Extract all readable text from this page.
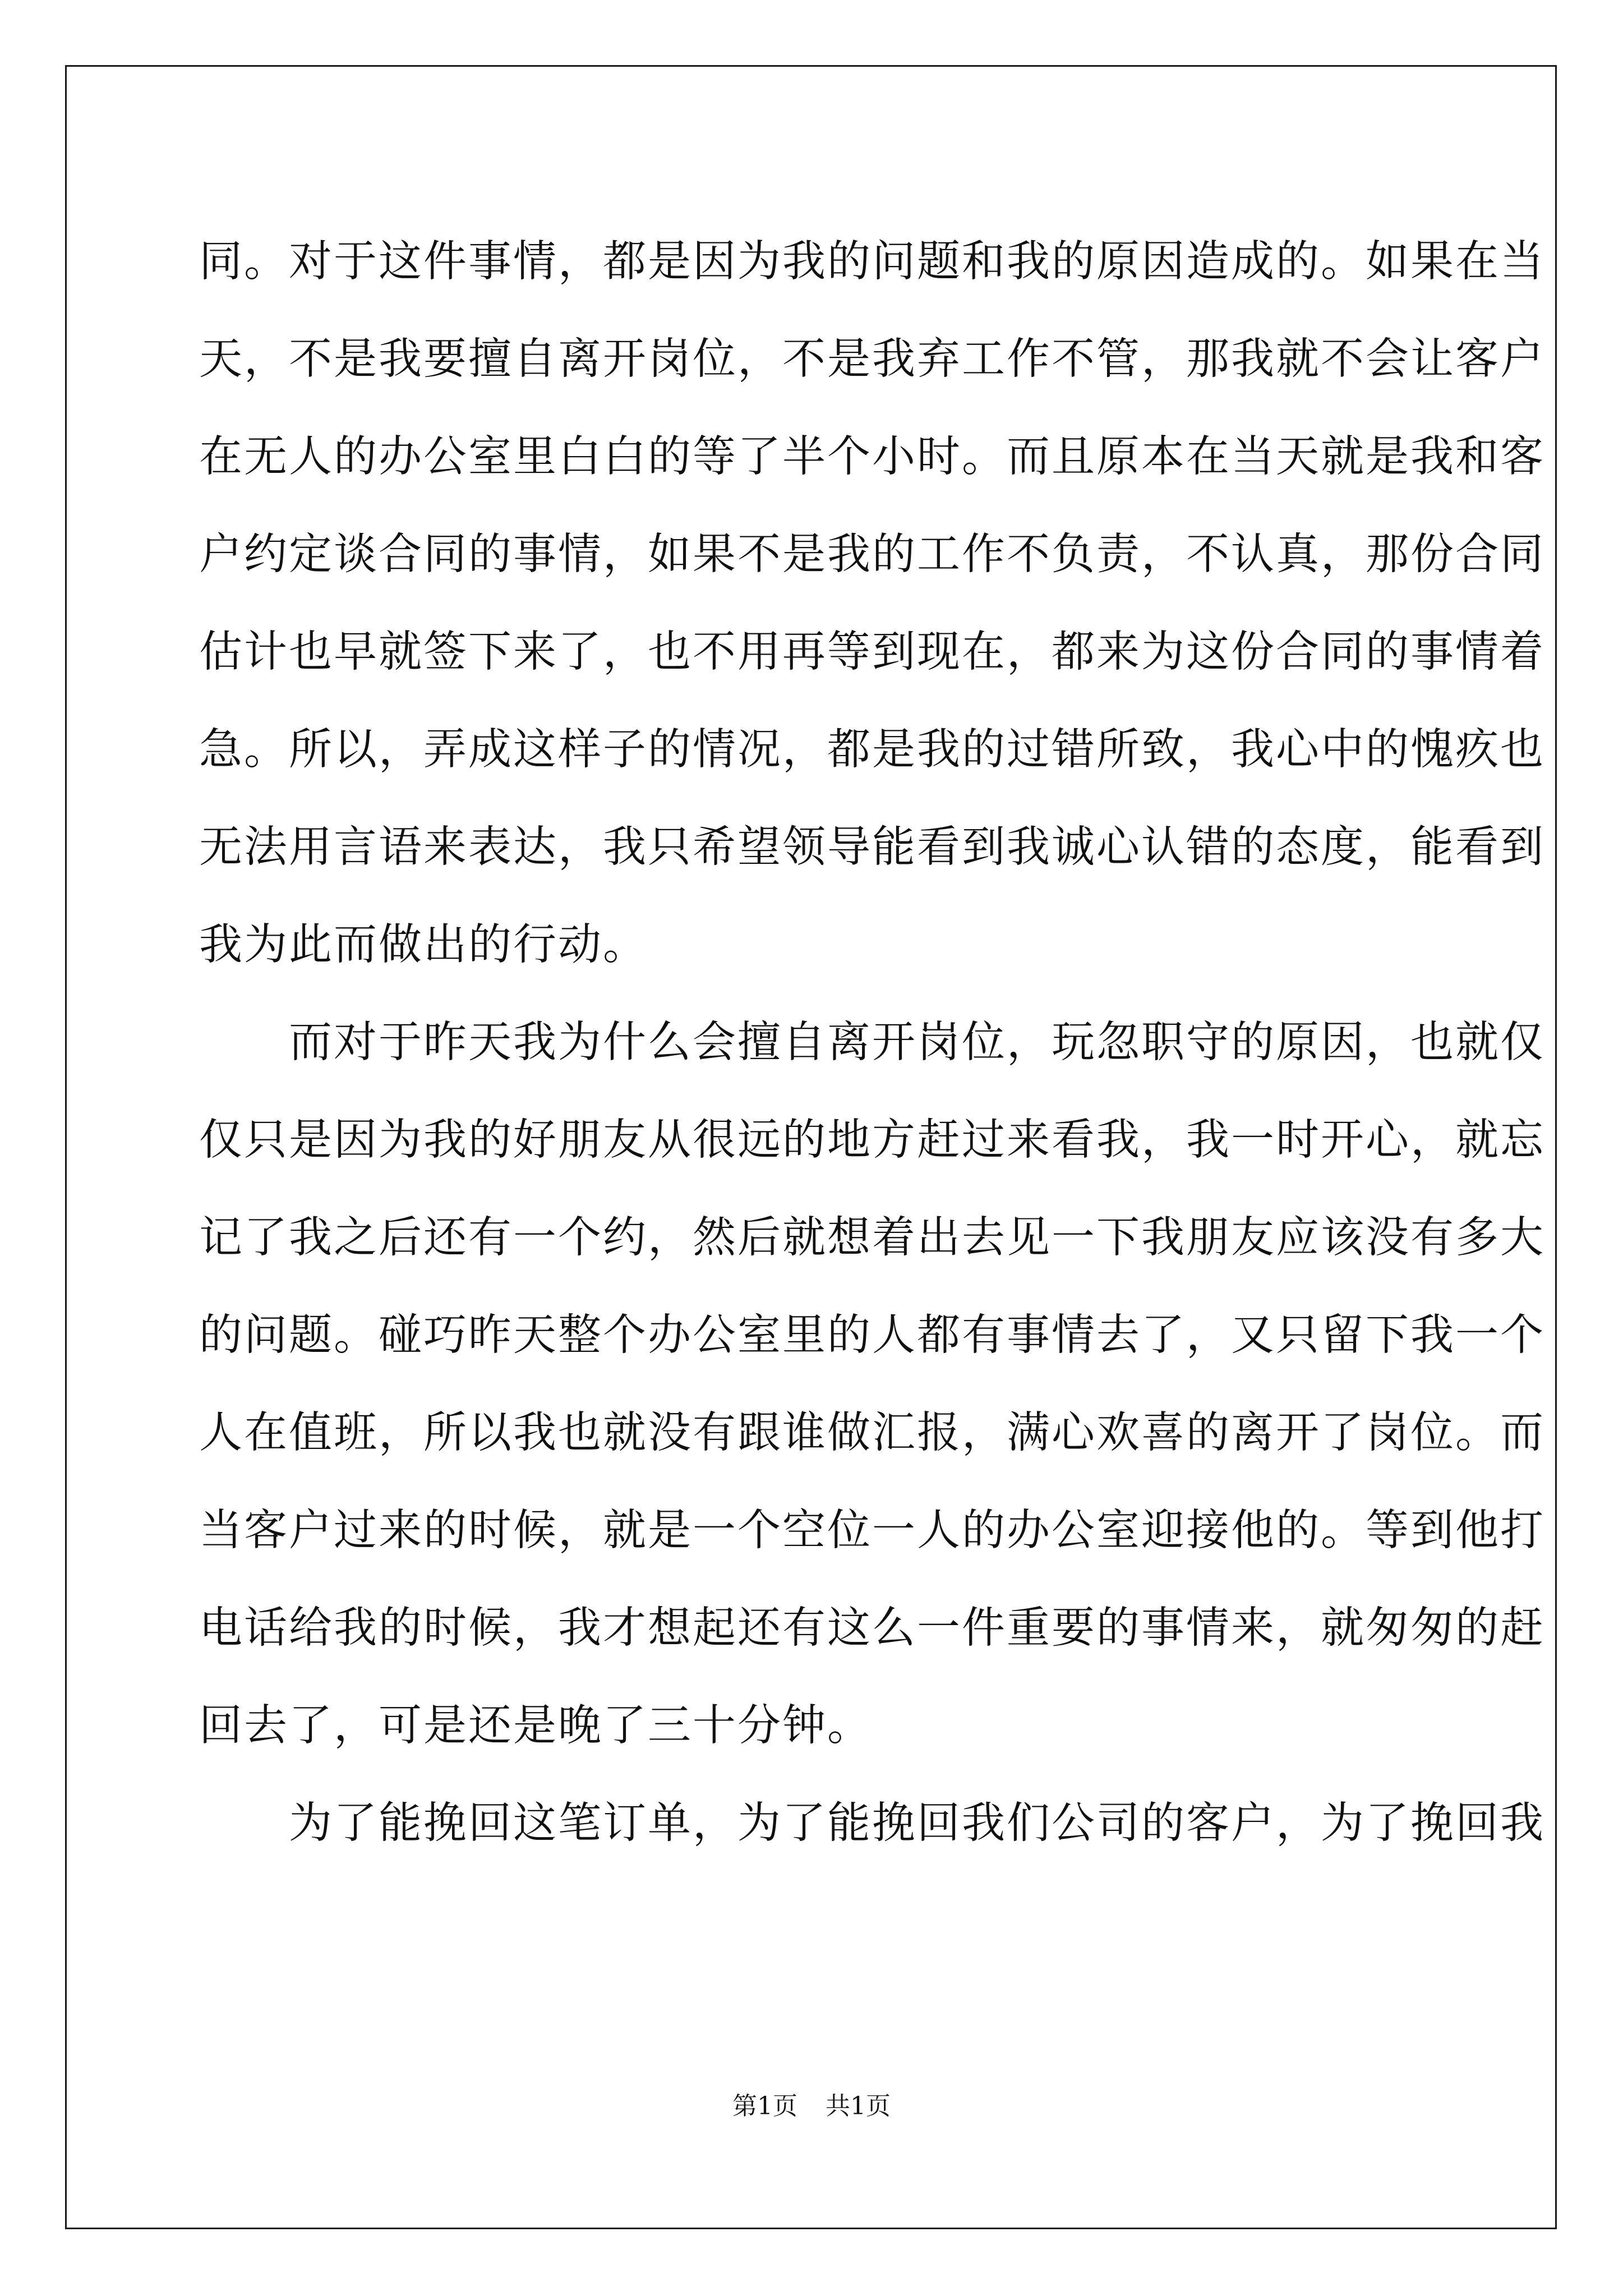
同。对于这件事情，都是因为我的问题和我的原因造成的。如果在当
天，不是我要擅自离开岗位，不是我弃工作不管，那我就不会让客户
在无人的办公室里白白的等了半个小时。而且原本在当天就是我和客
户约定谈合同的事情，如果不是我的工作不负责，不认真，那份合同
估计也早就签下来了，也不用再等到现在，都来为这份合同的事情着
急。所以，弄成这样子的情况，都是我的过错所致，我心中的愧疚也
无法用言语来表达，我只希望领导能看到我诚心认错的态度，能看到
我为此而做出的行动。
　　而对于昨天我为什么会擅自离开岗位，玩忽职守的原因，也就仅
仅只是因为我的好朋友从很远的地方赶过来看我，我一时开心，就忘
记了我之后还有一个约，然后就想着出去见一下我朋友应该没有多大
的问题。碰巧昨天整个办公室里的人都有事情去了，又只留下我一个
人在值班，所以我也就没有跟谁做汇报，满心欢喜的离开了岗位。而
当客户过来的时候，就是一个空位一人的办公室迎接他的。等到他打
电话给我的时候，我才想起还有这么一件重要的事情来，就匆匆的赶
回去了，可是还是晚了三十分钟。
　　为了能挽回这笔订单，为了能挽回我们公司的客户，为了挽回我
第1页 共1页
